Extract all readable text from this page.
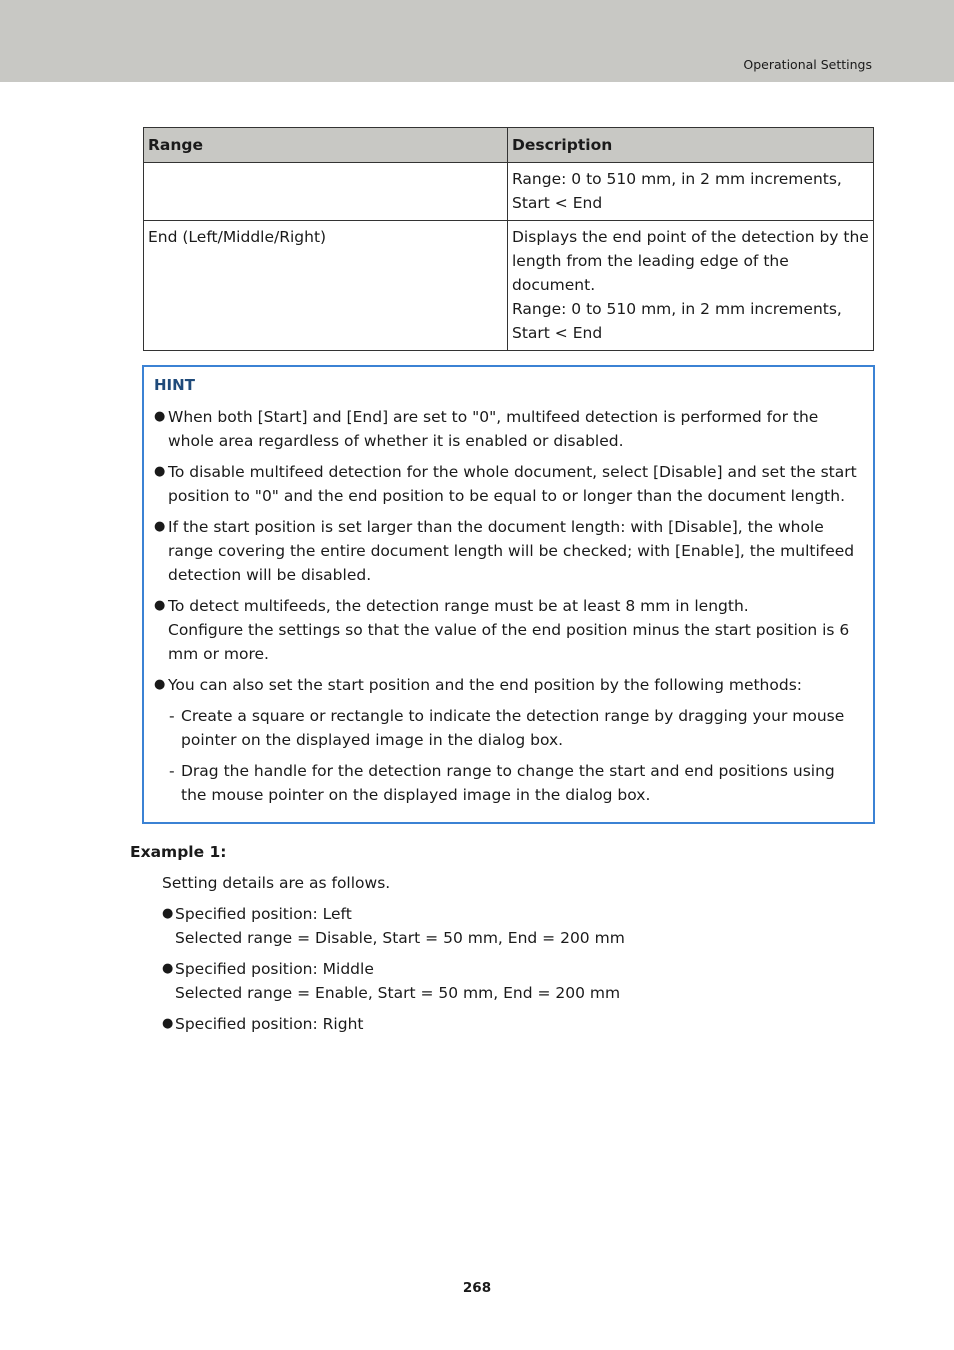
Operational Settings
Range	Description

	Range: 0 to 510 mm, in 2 mm increments, Start < End

End (Left/Middle/Right)	Displays the end point of the detection by the length from the leading edge of the document.
Range: 0 to 510 mm, in 2 mm increments, Start < End
HINT
● When both [Start] and [End] are set to "0", multifeed detection is performed for the whole area regardless of whether it is enabled or disabled.
● To disable multifeed detection for the whole document, select [Disable] and set the start position to "0" and the end position to be equal to or longer than the document length.
● If the start position is set larger than the document length: with [Disable], the whole range covering the entire document length will be checked; with [Enable], the multifeed detection will be disabled.
● To detect multifeeds, the detection range must be at least 8 mm in length.
Configure the settings so that the value of the end position minus the start position is 6 mm or more.
● You can also set the start position and the end position by the following methods:
- Create a square or rectangle to indicate the detection range by dragging your mouse pointer on the displayed image in the dialog box.
- Drag the handle for the detection range to change the start and end positions using the mouse pointer on the displayed image in the dialog box.
Example 1:
Setting details are as follows.
● Specified position: Left
Selected range = Disable, Start = 50 mm, End = 200 mm
● Specified position: Middle
Selected range = Enable, Start = 50 mm, End = 200 mm
● Specified position: Right
268
